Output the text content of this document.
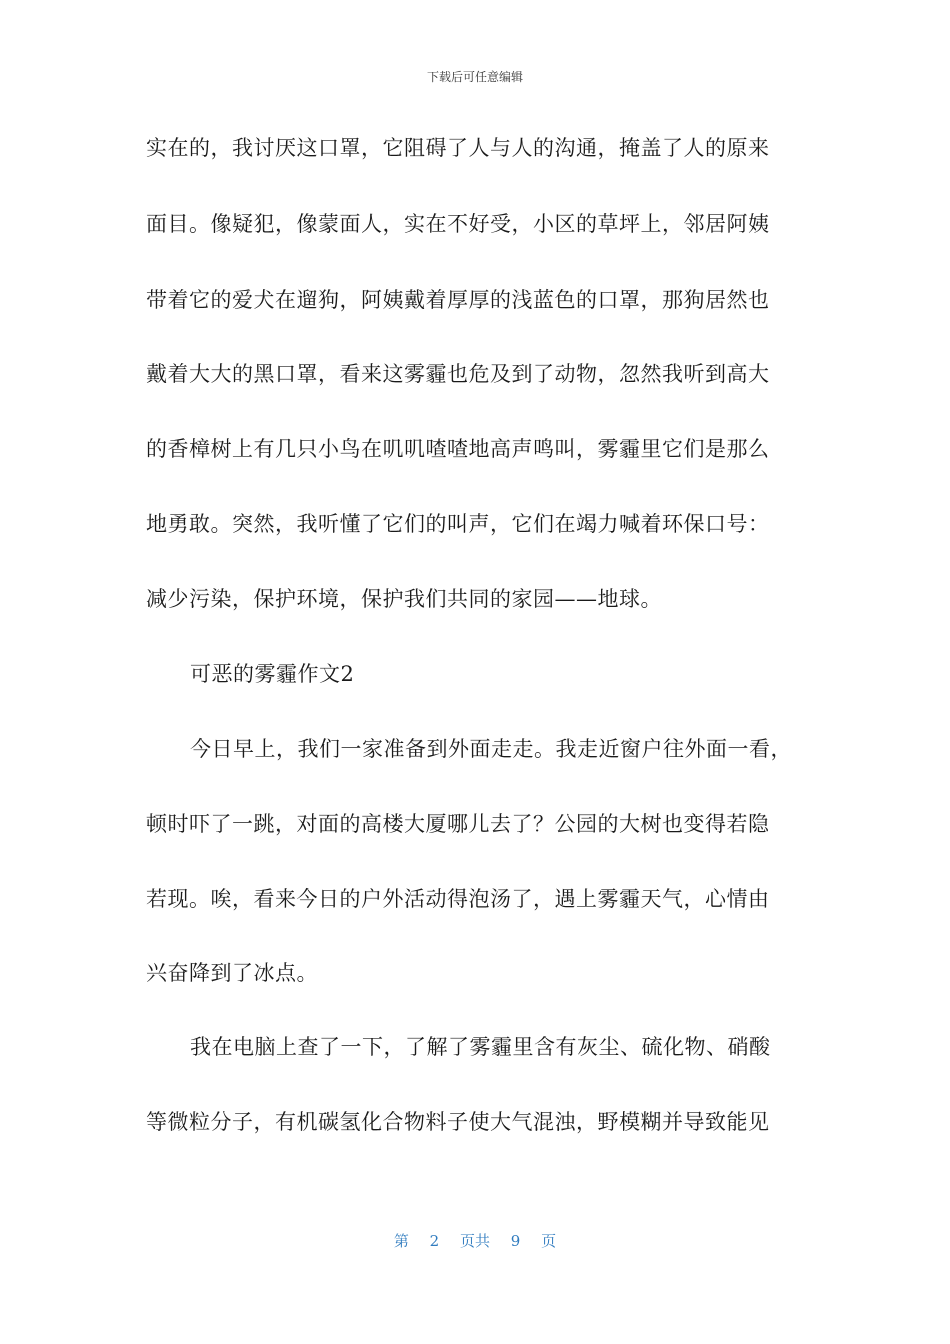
下载后可任意编辑
实在的，我讨厌这口罩，它阻碍了人与人的沟通，掩盖了人的原来
面目。像疑犯，像蒙面人，实在不好受，小区的草坪上，邻居阿姨
带着它的爱犬在遛狗，阿姨戴着厚厚的浅蓝色的口罩，那狗居然也
戴着大大的黑口罩，看来这雾霾也危及到了动物，忽然我听到高大
的香樟树上有几只小鸟在叽叽喳喳地高声鸣叫，雾霾里它们是那么
地勇敢。突然，我听懂了它们的叫声，它们在竭力喊着环保口号：
减少污染，保护环境，保护我们共同的家园——地球。
可恶的雾霾作文2
今日早上，我们一家准备到外面走走。我走近窗户往外面一看，
顿时吓了一跳，对面的高楼大厦哪儿去了？公园的大树也变得若隐
若现。唉，看来今日的户外活动得泡汤了，遇上雾霾天气，心情由
兴奋降到了冰点。
我在电脑上查了一下，了解了雾霾里含有灰尘、硫化物、硝酸
等微粒分子，有机碳氢化合物料子使大气混浊，野模糊并导致能见
第 2 页共 9 页
